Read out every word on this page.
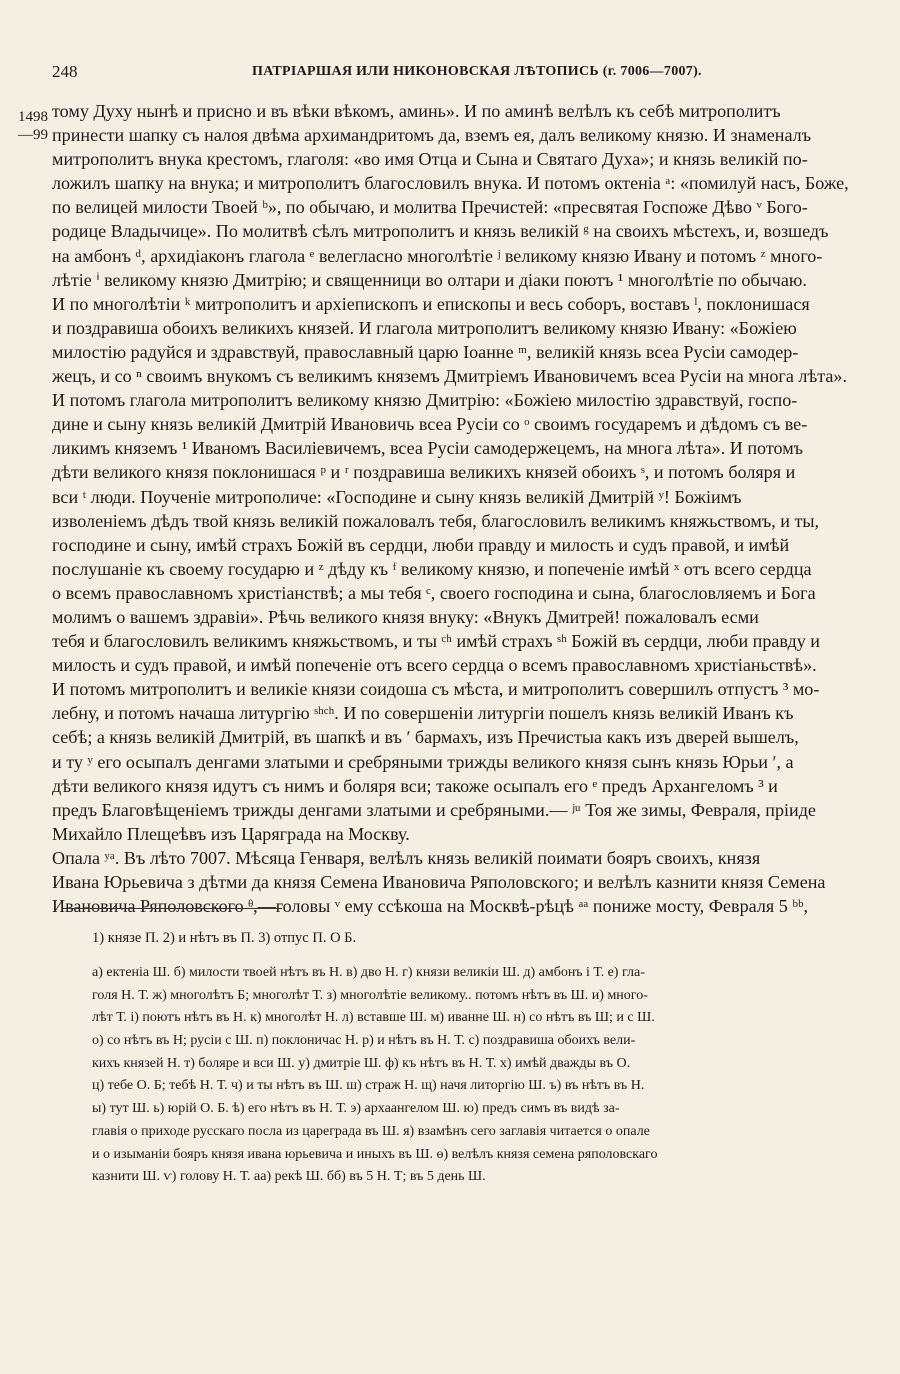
248	ПАТРІАРШАЯ ИЛИ НИКОНОВСКАЯ ЛѢТОПИСЬ (г. 7006—7007).
1498
—99
тому Духу нынѣ и присно и въ вѣки вѣкомъ, аминь». И по аминѣ велѣлъ къ себѣ митрополитъ
принести шапку съ налоя двѣма архимандритомъ да, вземъ ея, далъ великому князю. И знаменалъ
митрополитъ внука крестомъ, глаголя: «во имя Отца и Сына и Святаго Духа»; и князь великій по-
ложилъ шапку на внука; и митрополитъ благословилъ внука. И потомъ октенiа ᵃ: «помилуй насъ, Боже,
по велицей милости Твоей ᵇ», по обычаю, и молитва Пречистей: «пресвятая Госпоже Дѣво ᵛ Бого-
родице Владычице». По молитвѣ сѣлъ митрополитъ и князь великій ᵍ на своихъ мѣстехъ, и, возшедъ
на амбонъ ᵈ, архидіаконъ глагола ᵉ велегласно многолѣтіе ʲ великому князю Ивану и потомъ ᶻ много-
лѣтіе ⁱ великому князю Дмитрію; и священници во олтари и діаки поютъ ¹ многолѣтіе по обычаю.
И по многолѣтіи ᵏ митрополитъ и архіепископъ и епископы и весь соборъ, воставъ ˡ, поклонишася
и поздравиша обоихъ великихъ князей. И глагола митрополитъ великому князю Ивану: «Божіею
милостію радуйся и здравствуй, православный царю Іоанне ᵐ, великій князь всеа Русіи самодер-
жецъ, и со ⁿ своимъ внукомъ съ великимъ княземъ Дмитріемъ Ивановичемъ всеа Русіи на многа лѣта».
И потомъ глагола митрополитъ великому князю Дмитрію: «Божіею милостію здравствуй, госпо-
дине и сыну князь великій Дмитрій Ивановичь всеа Русіи со ᵒ своимъ государемъ и дѣдомъ съ ве-
ликимъ княземъ ¹ Иваномъ Василіевичемъ, всеа Русіи самодержецемъ, на многа лѣта». И потомъ
дѣти великого князя поклонишася ᵖ и ʳ поздравиша великихъ князей обоихъ ˢ, и потомъ боляря и
вси ᵗ люди. Поученіе митрополиче: «Господине и сыну князь великій Дмитрій ʸ! Божіимъ
изволеніемъ дѣдъ твой князь великій пожаловалъ тебя, благословилъ великимъ княжьствомъ, и ты,
господине и сыну, имѣй страхъ Божій въ сердци, люби правду и милость и судъ правой, и имѣй
послушаніе къ своему государю и ᶻ дѣду къ ᶠ великому князю, и попеченіе имѣй ˣ отъ всего сердца
о всемъ православномъ христіанствѣ; а мы тебя ᶜ, своего господина и сына, благословляемъ и Бога
молимъ о вашемъ здравіи». Рѣчь великого князя внуку: «Внукъ Дмитрей! пожаловалъ есми
тебя и благословилъ великимъ княжьствомъ, и ты ᶜʰ имѣй страхъ ˢʰ Божій въ сердци, люби правду и
милость и судъ правой, и имѣй попеченіе отъ всего сердца о всемъ православномъ христіаньствѣ».
И потомъ митрополитъ и великіе князи соидоша съ мѣста, и митрополитъ совершилъ отпустъ ³ мо-
лебну, и потомъ начаша литургію ˢʰᶜʰ. И по совершеніи литургіи пошелъ князь великій Иванъ къ
себѣ; а князь великій Дмитрій, въ шапкѣ и въ ʹ бармахъ, изъ Пречистыа какъ изъ дверей вышелъ,
и ту ʸ его осыпалъ денгами златыми и сребряными трижды великого князя сынъ князь Юрьи ʹ, а
дѣти великого князя идутъ съ нимъ и боляря вси; такоже осыпалъ его ᵉ предъ Архангеломъ ³ и
предъ Благовѣщеніемъ трижды денгами златыми и сребряными.— ʲᵘ Тоя же зимы, Февраля, пріиде
Михайло Плещеѣвъ изъ Царяграда на Москву.
Опала ʸᵃ. Въ лѣто 7007. Мѣсяца Генваря, велѣлъ князь великій поимати бояръ своихъ, князя
Ивана Юрьевича з дѣтми да князя Семена Ивановича Ряполовского; и велѣлъ казнити князя Семена
Ивановича Ряполовского ᶿ,—головы ᵛ ему ссѣкоша на Москвѣ-рѣцѣ ᵃᵃ пониже мосту, Февраля 5 ᵇᵇ,
1) князе П. 2) и нѣтъ въ П. 3) отпус П. О Б.
а) ектенiа Ш. б) милости твоей нѣтъ въ Н. в) дво Н. г) князи великiи Ш. д) амбонъ і Т. е) гла-
голя Н. Т. ж) многолѣтъ Б; многолѣт Т. з) многолѣтіе великому.. потомъ нѣтъ въ Ш. и) много-
лѣт Т. і) поютъ нѣтъ въ Н. к) многолѣт Н. л) вставше Ш. м) иванне Ш. н) со нѣтъ въ Ш; и с Ш.
о) со нѣтъ въ Н; русіи с Ш. п) поклоничас Н. р) и нѣтъ въ Н. Т. с) поздравиша обоихъ вели-
кихъ князей Н. т) боляре и вси Ш. у) дмитріе Ш. ф) къ нѣтъ въ Н. Т. х) имѣй дважды въ О.
ц) тебе О. Б; тебѣ Н. Т. ч) и ты нѣтъ въ Ш. ш) страж Н. щ) начя литоргію Ш. ъ) въ нѣтъ въ Н.
ы) тут Ш. ь) юрій О. Б. ѣ) его нѣтъ въ Н. Т. э) архаангелом Ш. ю) предъ симъ въ видѣ за-
главія о приходе русскаго посла из цареграда въ Ш. я) взамѣнъ сего заглавія читается о опале
и о изыманіи бояръ князя ивана юрьевича и иныхъ въ Ш. ѳ) велѣлъ князя семена ряполовскаго
казнити Ш. ѵ) голову Н. Т. аа) рекѣ Ш. бб) въ 5 Н. Т; въ 5 день Ш.
